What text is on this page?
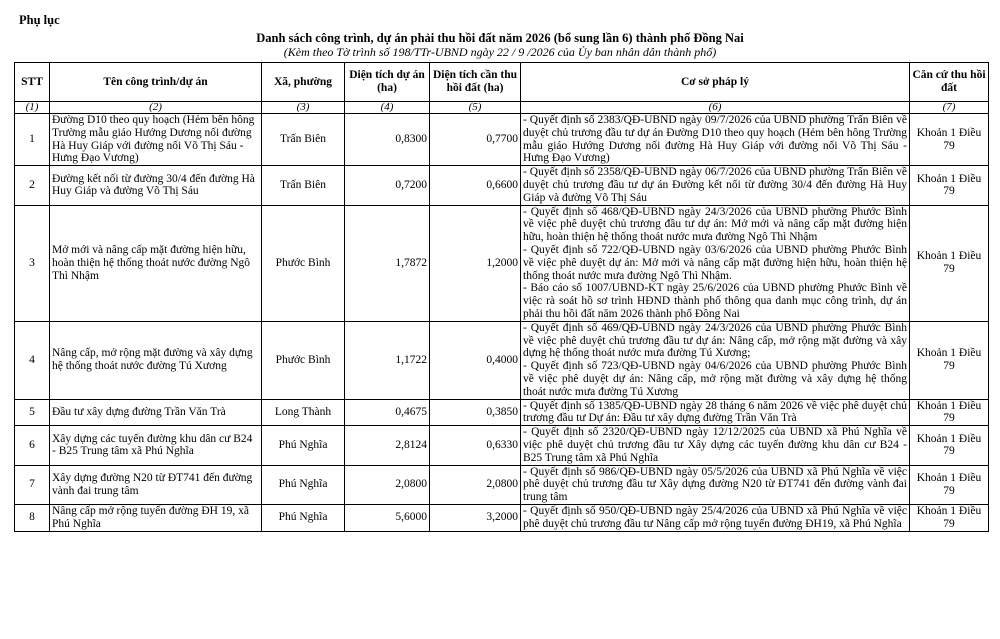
Phụ lục
Danh sách công trình, dự án phải thu hồi đất năm 2026 (bổ sung lần 6) thành phố Đồng Nai
(Kèm theo Tờ trình số 198/TTr-UBND ngày 22 / 9 /2026 của Ủy ban nhân dân thành phố)
STT	Tên công trình/dự án	Xã, phường	Diện tích dự án (ha)	Diện tích cần thu hồi đất (ha)	Cơ sở pháp lý	Căn cứ thu hồi đất
(1)	(2)	(3)	(4)	(5)	(6)	(7)
1	Đường D10 theo quy hoạch (Hẻm bên hông Trường mẫu giáo Hướng Dương nối đường Hà Huy Giáp với đường nối Võ Thị Sáu - Hưng Đạo Vương)	Trấn Biên	0,8300	0,7700	- Quyết định số 2383/QĐ-UBND ngày 09/7/2026 của UBND phường Trấn Biên về duyệt chủ trương đầu tư dự án Đường D10 theo quy hoạch (Hẻm bên hông Trường mẫu giáo Hướng Dương nối đường Hà Huy Giáp với đường nối Võ Thị Sáu - Hưng Đạo Vương)	Khoản 1 Điều 79
2	Đường kết nối từ đường 30/4 đến đường Hà Huy Giáp và đường Võ Thị Sáu	Trấn Biên	0,7200	0,6600	- Quyết định số 2358/QĐ-UBND ngày 06/7/2026 của UBND phường Trấn Biên về duyệt chủ trương đầu tư dự án Đường kết nối từ đường 30/4 đến đường Hà Huy Giáp và đường Võ Thị Sáu	Khoản 1 Điều 79
3	Mở mới và nâng cấp mặt đường hiện hữu, hoàn thiện hệ thống thoát nước đường Ngô Thì Nhậm	Phước Bình	1,7872	1,2000	- Quyết định số 468/QĐ-UBND ngày 24/3/2026 của UBND phường Phước Bình về việc phê duyệt chủ trương đầu tư dự án: Mở mới và nâng cấp mặt đường hiện hữu, hoàn thiện hệ thống thoát nước mưa đường Ngô Thì Nhậm
- Quyết định số 722/QĐ-UBND ngày 03/6/2026 của UBND phường Phước Bình về việc phê duyệt dự án: Mở mới và nâng cấp mặt đường hiện hữu, hoàn thiện hệ thống thoát nước mưa đường Ngô Thì Nhậm.
- Báo cáo số 1007/UBND-KT ngày 25/6/2026 của UBND phường Phước Bình về việc rà soát hồ sơ trình HĐND thành phố thông qua danh mục công trình, dự án phải thu hồi đất năm 2026 thành phố Đồng Nai	Khoản 1 Điều 79
4	Nâng cấp, mở rộng mặt đường và xây dựng hệ thống thoát nước đường Tú Xương	Phước Bình	1,1722	0,4000	- Quyết định số 469/QĐ-UBND ngày 24/3/2026 của UBND phường Phước Bình về việc phê duyệt chủ trương đầu tư dự án: Nâng cấp, mở rộng mặt đường và xây dựng hệ thống thoát nước mưa đường Tú Xương;
- Quyết định số 723/QĐ-UBND ngày 04/6/2026 của UBND phường Phước Bình về việc phê duyệt dự án: Nâng cấp, mở rộng mặt đường và xây dựng hệ thống thoát nước mưa đường Tú Xương	Khoản 1 Điều 79
5	Đầu tư xây dựng đường Trần Văn Trà	Long Thành	0,4675	0,3850	- Quyết định số 1385/QĐ-UBND ngày 28 tháng 6 năm 2026 về việc phê duyệt chủ trương đầu tư Dự án: Đầu tư xây dựng đường Trần Văn Trà	Khoản 1 Điều 79
6	Xây dựng các tuyến đường khu dân cư B24 - B25 Trung tâm xã Phú Nghĩa	Phú Nghĩa	2,8124	0,6330	- Quyết định số 2320/QĐ-UBND ngày 12/12/2025 của UBND xã Phú Nghĩa về việc phê duyệt chủ trương đầu tư Xây dựng các tuyến đường khu dân cư B24 - B25 Trung tâm xã Phú Nghĩa	Khoản 1 Điều 79
7	Xây dựng đường N20 từ ĐT741 đến đường vành đai trung tâm	Phú Nghĩa	2,0800	2,0800	- Quyết định số 986/QĐ-UBND ngày 05/5/2026 của UBND xã Phú Nghĩa về việc phê duyệt chủ trương đầu tư Xây dựng đường N20 từ ĐT741 đến đường vành đai trung tâm	Khoản 1 Điều 79
8	Nâng cấp mở rộng tuyến đường ĐH 19, xã Phú Nghĩa	Phú Nghĩa	5,6000	3,2000	- Quyết định số 950/QĐ-UBND ngày 25/4/2026 của UBND xã Phú Nghĩa về việc phê duyệt chủ trương đầu tư Nâng cấp mở rộng tuyến đường ĐH19, xã Phú Nghĩa	Khoản 1 Điều 79
